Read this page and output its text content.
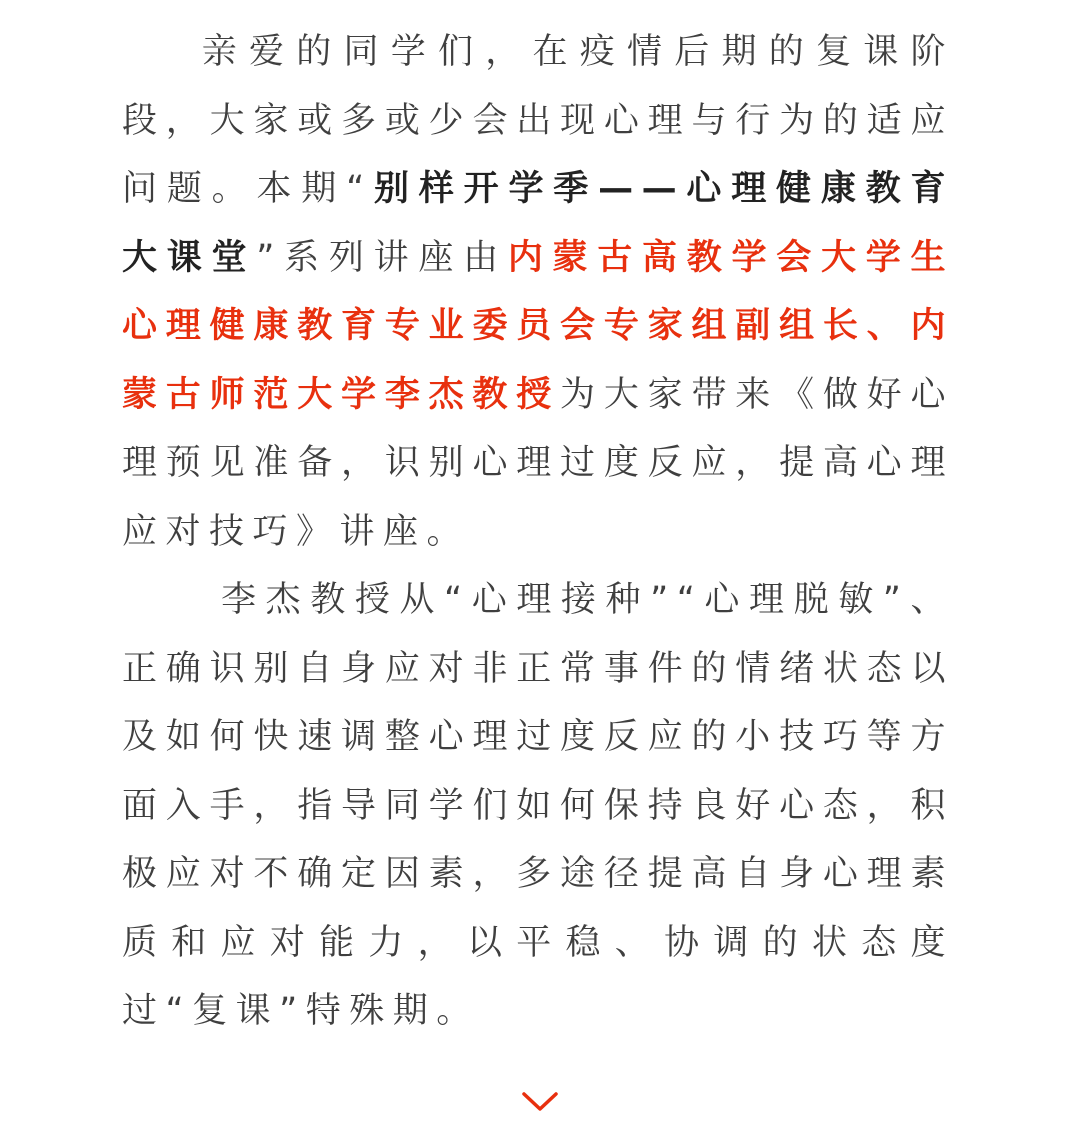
亲爱的同学们，在疫情后期的复课阶段，大家或多或少会出现心理与行为的适应问题。本期“别样开学季——心理健康教育大课堂”系列讲座由内蒙古高教学会大学生心理健康教育专业委员会专家组副组长、内蒙古师范大学李杰教授为大家带来《做好心理预见准备，识别心理过度反应，提高心理应对技巧》讲座。

李杰教授从“心理接种”“心理脱敏”、正确识别自身应对非正常事件的情绪状态以及如何快速调整心理过度反应的小技巧等方面入手，指导同学们如何保持良好心态，积极应对不确定因素，多途径提高自身心理素质和应对能力，以平稳、协调的状态度过“复课”特殊期。
